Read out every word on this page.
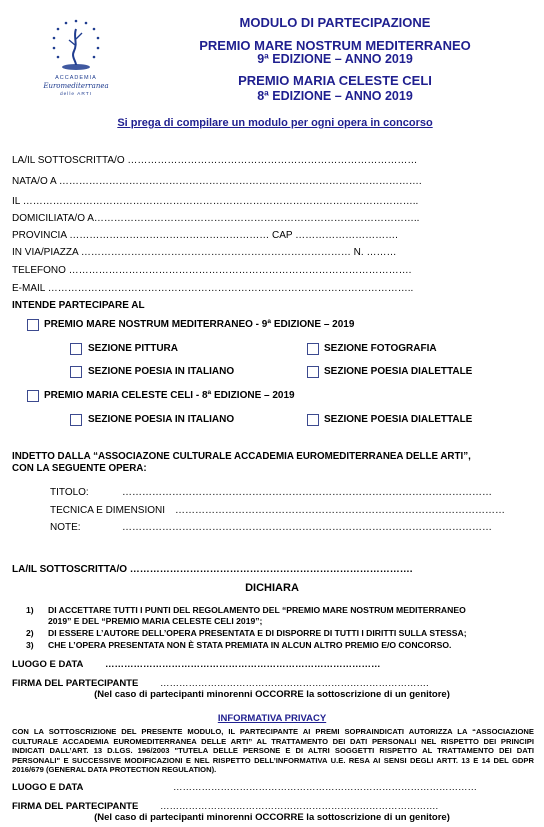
ACCADEMIA
Euromediterranea
delle ARTI
MODULO DI PARTECIPAZIONE
PREMIO MARE NOSTRUM MEDITERRANEO
9ª EDIZIONE – ANNO 2019
PREMIO MARIA CELESTE CELI
8ª EDIZIONE – ANNO 2019
Si prega di compilare un modulo per ogni opera in concorso
LA/IL SOTTOSCRITTA/O ……………………………………………………………………………
NATA/O A ……………………………………………………………………………………………….
IL ………………………………………………………………………………………………………..
DOMICILIATA/O A……………………………………………………………………………………..
PROVINCIA …………………………………………………… CAP ………………………….
IN VIA/PIAZZA ……………………………………………………………………… N. ………
TELEFONO ………………………………………………………………………………………….
E-MAIL ………………………………………………………………………………………………..
INTENDE PARTECIPARE AL
PREMIO MARE NOSTRUM MEDITERRANEO - 9ª EDIZIONE – 2019
SEZIONE PITTURA	SEZIONE FOTOGRAFIA
SEZIONE POESIA IN ITALIANO	SEZIONE POESIA DIALETTALE
PREMIO MARIA CELESTE CELI - 8ª EDIZIONE – 2019
SEZIONE POESIA IN ITALIANO	SEZIONE POESIA DIALETTALE
INDETTO DALLA “ASSOCIAZONE CULTURALE ACCADEMIA EUROMEDITERRANEA DELLE ARTI”,
CON LA SEGUENTE OPERA:
TITOLO:	…………………………………………………………………………………………………
TECNICA E DIMENSIONI ………………………………………………………………………………………
NOTE:	…………………………………………………………………………………………………
LA/IL SOTTOSCRITTA/O ………………………………………………………………………….
DICHIARA
1) DI ACCETTARE TUTTI I PUNTI DEL REGOLAMENTO DEL “PREMIO MARE NOSTRUM MEDITERRANEO
2019” E DEL “PREMIO MARIA CELESTE CELI 2019”;
2) DI ESSERE L’AUTORE DELL’OPERA PRESENTATA E DI DISPORRE DI TUTTI I DIRITTI SULLA STESSA;
3) CHE L’OPERA PRESENTATA NON È STATA PREMIATA IN ALCUN ALTRO PREMIO E/O CONCORSO.
LUOGO E DATA ……………………………………………………………………………
FIRMA DEL PARTECIPANTE ………………………………………………………………………….
(Nel caso di partecipanti minorenni OCCORRE la sottoscrizione di un genitore)
INFORMATIVA PRIVACY
CON LA SOTTOSCRIZIONE DEL PRESENTE MODULO, IL PARTECIPANTE AI PREMI SOPRAINDICATI AUTORIZZA LA “ASSOCIAZIONE CULTURALE ACCADEMIA EUROMEDITERRANEA DELLE ARTI” AL TRATTAMENTO DEI DATI PERSONALI NEL RISPETTO DEI PRINCIPI INDICATI DALL’ART. 13 D.LGS. 196/2003 "TUTELA DELLE PERSONE E DI ALTRI SOGGETTI RISPETTO AL TRATTAMENTO DEI DATI PERSONALI" E SUCCESSIVE MODIFICAZIONI E NEL RISPETTO DELL’INFORMATIVA U.E. RESA AI SENSI DEGLI ARTT. 13 E 14 DEL GDPR 2016/679 (GENERAL DATA PROTECTION REGULATION).
LUOGO E DATA	……………………………………………………………………………………
FIRMA DEL PARTECIPANTE …………………………………………………………………………….
(Nel caso di partecipanti minorenni OCCORRE la sottoscrizione di un genitore)
